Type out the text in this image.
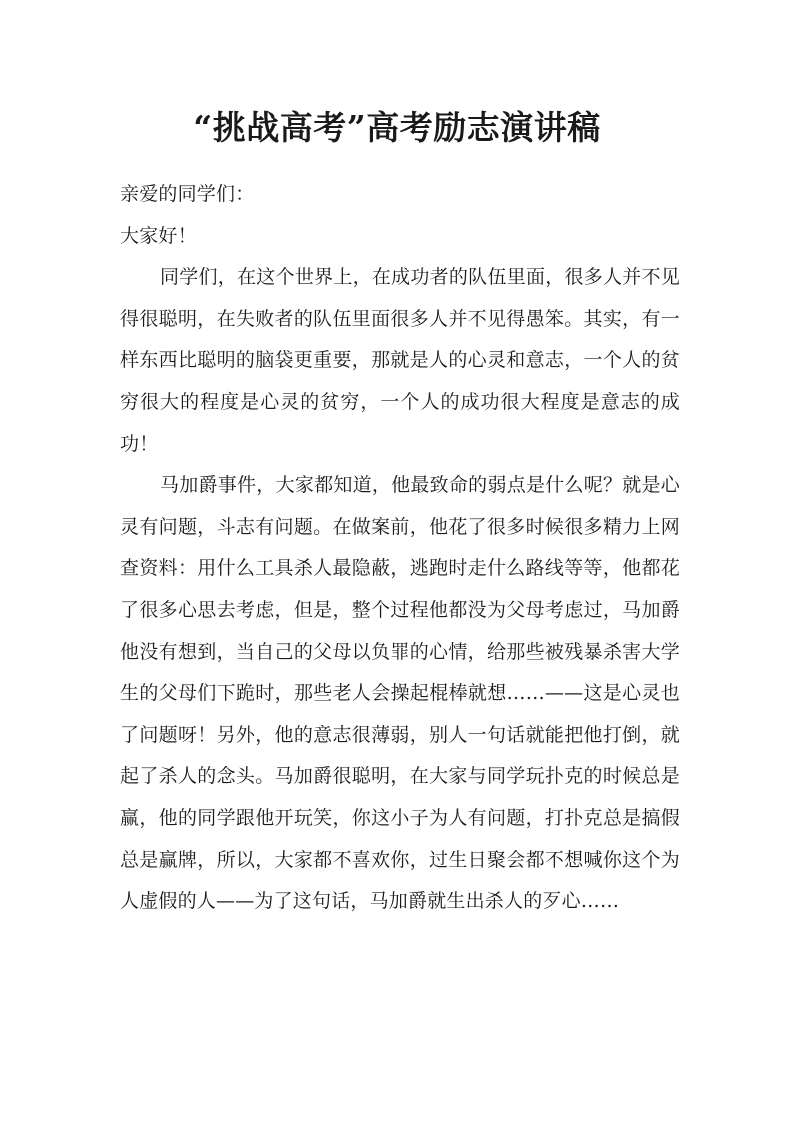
“挑战高考”高考励志演讲稿

亲爱的同学们：

大家好！

同学们，在这个世界上，在成功者的队伍里面，很多人并不见得很聪明，在失败者的队伍里面很多人并不见得愚笨。其实，有一样东西比聪明的脑袋更重要，那就是人的心灵和意志，一个人的贫穷很大的程度是心灵的贫穷，一个人的成功很大程度是意志的成功！

马加爵事件，大家都知道，他最致命的弱点是什么呢？就是心灵有问题，斗志有问题。在做案前，他花了很多时候很多精力上网查资料：用什么工具杀人最隐蔽，逃跑时走什么路线等等，他都花了很多心思去考虑，但是，整个过程他都没为父母考虑过，马加爵他没有想到，当自己的父母以负罪的心情，给那些被残暴杀害大学生的父母们下跪时，那些老人会操起棍棒就想……——这是心灵也了问题呀！另外，他的意志很薄弱，别人一句话就能把他打倒，就起了杀人的念头。马加爵很聪明，在大家与同学玩扑克的时候总是赢，他的同学跟他开玩笑，你这小子为人有问题，打扑克总是搞假总是赢牌，所以，大家都不喜欢你，过生日聚会都不想喊你这个为人虚假的人——为了这句话，马加爵就生出杀人的歹心……
